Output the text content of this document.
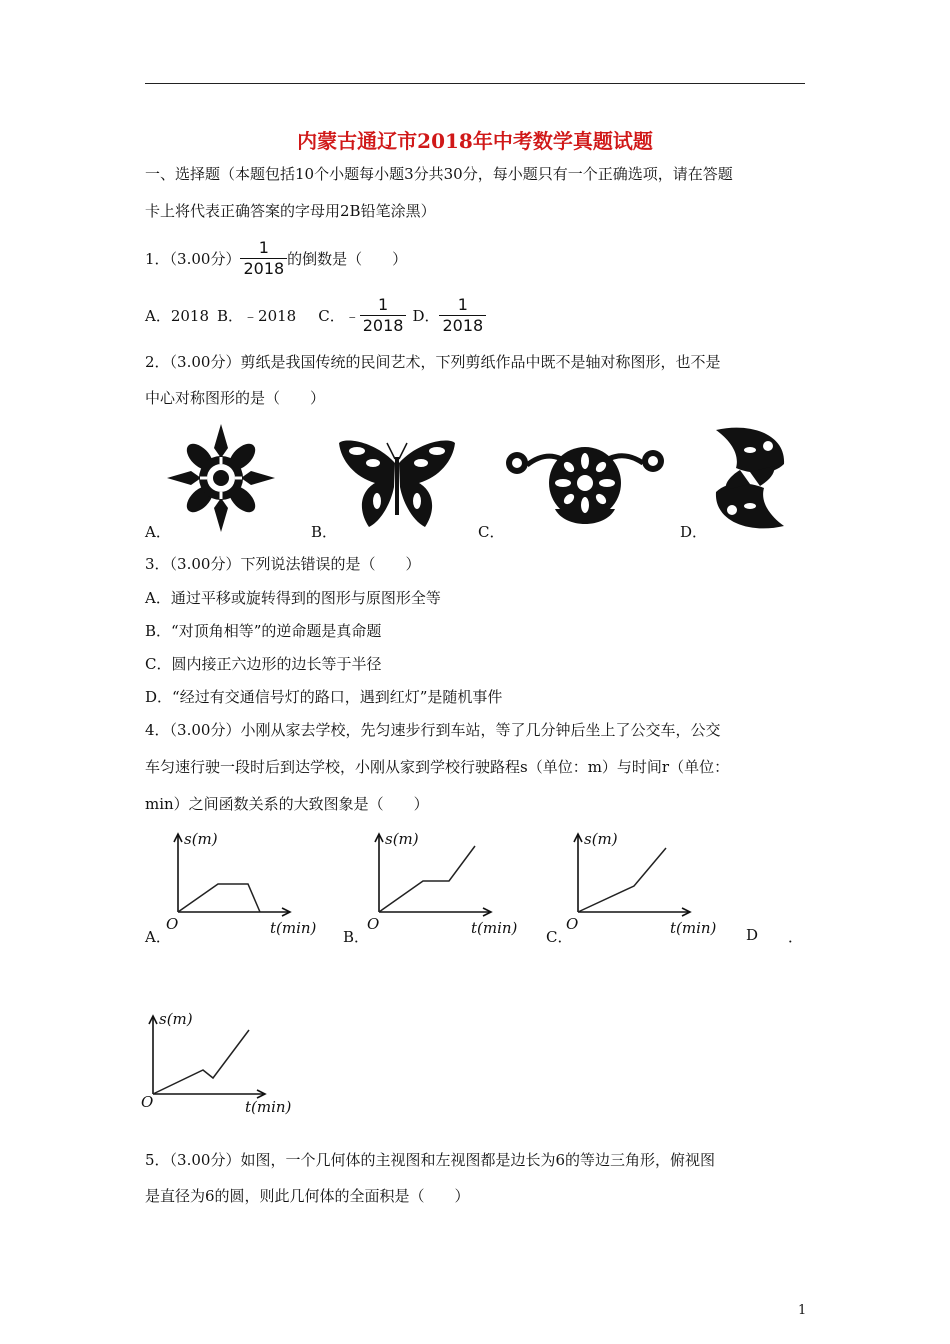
内蒙古通辽市2018年中考数学真题试题
一、选择题（本题包括10个小题每小题3分共30分，每小题只有一个正确选项，请在答题
卡上将代表正确答案的字母用2B铅笔涂黑）
1．（3.00分） $\frac{1}{2018}$ 的倒数是（　　）
A．2018 B．﹣2018 C． ﹣ $\frac{1}{2018}$ D． $\frac{1}{2018}$
2．（3.00分）剪纸是我国传统的民间艺术，下列剪纸作品中既不是轴对称图形，也不是
中心对称图形的是（　　）
A．	B．	C．	D．
3．（3.00分）下列说法错误的是（　　）
A．通过平移或旋转得到的图形与原图形全等
B．“对顶角相等”的逆命题是真命题
C．圆内接正六边形的边长等于半径
D．“经过有交通信号灯的路口，遇到红灯”是随机事件
4．（3.00分）小刚从家去学校，先匀速步行到车站，等了几分钟后坐上了公交车，公交
车匀速行驶一段时后到达学校，小刚从家到学校行驶路程s（单位：m）与时间r（单位：
min）之间函数关系的大致图象是（　　）
s(m)
O	t(min)
s(m)
O	t(min)
s(m)
O	t(min)
A．	B．	C．	D ．
s(m)
O	t(min)
5．（3.00分）如图，一个几何体的主视图和左视图都是边长为6的等边三角形，俯视图
是直径为6的圆，则此几何体的全面积是（　　）
1
